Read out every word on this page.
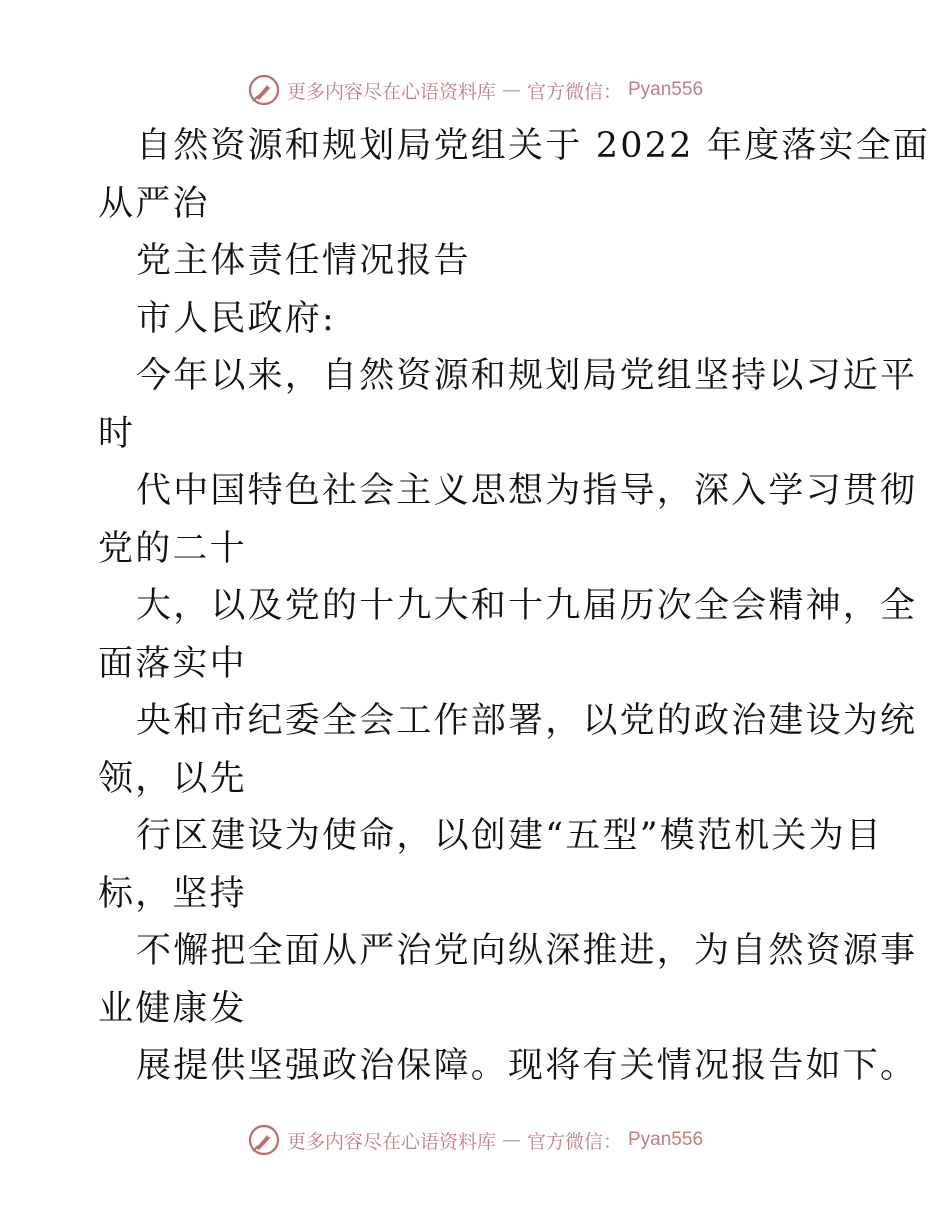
更多内容尽在心语资料库 — 官方微信： Pyan556
自然资源和规划局党组关于 2022 年度落实全面
从严治
党主体责任情况报告
市人民政府:
今年以来，自然资源和规划局党组坚持以习近平
时
代中国特色社会主义思想为指导，深入学习贯彻
党的二十
大，以及党的十九大和十九届历次全会精神，全
面落实中
央和市纪委全会工作部署，以党的政治建设为统
领，以先
行区建设为使命，以创建“五型”模范机关为目
标，坚持
不懈把全面从严治党向纵深推进，为自然资源事
业健康发
展提供坚强政治保障。现将有关情况报告如下。
更多内容尽在心语资料库 — 官方微信： Pyan556
